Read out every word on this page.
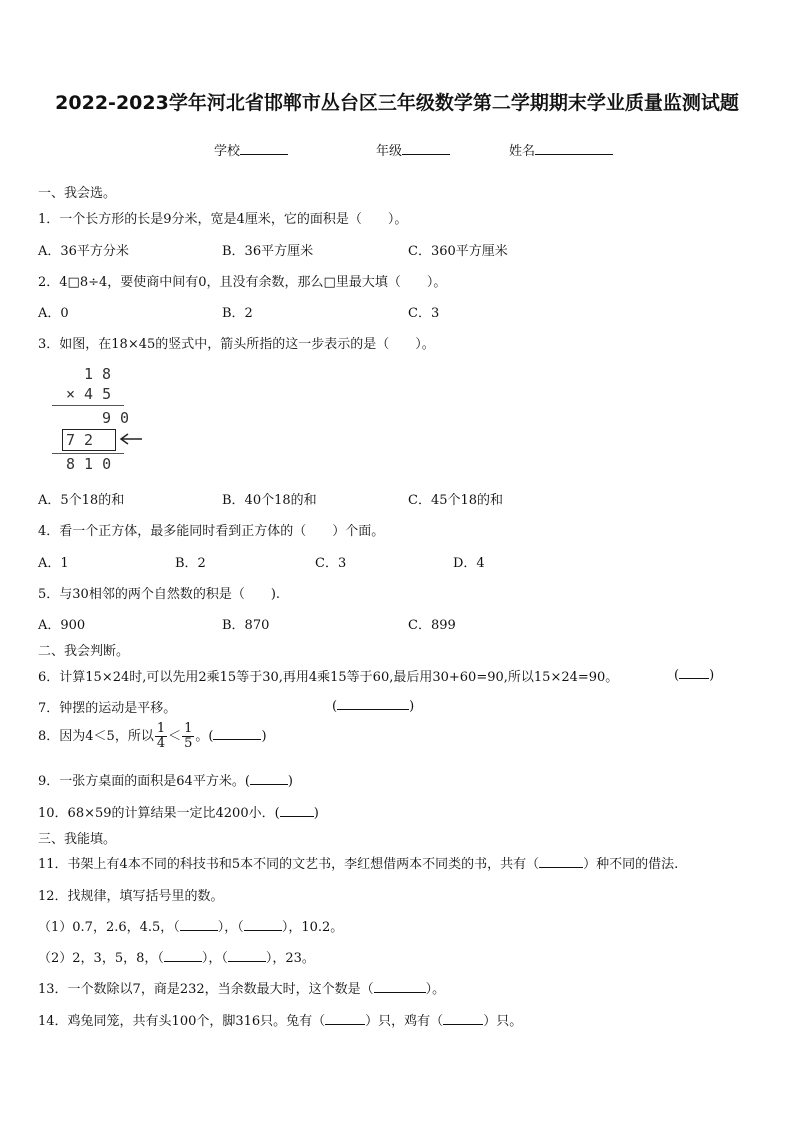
2022-2023学年河北省邯郸市丛台区三年级数学第二学期期末学业质量监测试题
学校	年级	姓名
一、我会选。
1．一个长方形的长是9分米，宽是4厘米，它的面积是（　　）。
A．36平方分米	B．36平方厘米	C．360平方厘米
2．4□8÷4，要使商中间有0，且没有余数，那么□里最大填（　　）。
A．0	B．2	C．3
3．如图，在18×45的竖式中，箭头所指的这一步表示的是（　　）。
1 8
× 4 5
9 0
7 2
8 1 0
A．5个18的和	B．40个18的和	C．45个18的和
4．看一个正方体，最多能同时看到正方体的（　　）个面。
A．1	B．2	C．3	D．4
5．与30相邻的两个自然数的积是（　　).
A．900	B．870	C．899
二、我会判断。
6．计算15×24时,可以先用2乘15等于30,再用4乘15等于60,最后用30+60=90,所以15×24=90。	( )
7．钟摆的运动是平移。	(	)
8．因为4＜5，所以 $\frac{1}{4} < \frac{1}{5}$ 。(	)
9．一张方桌面的面积是64平方米。(	)
10．68×59的计算结果一定比4200小．(	)
三、我能填。
11．书架上有4本不同的科技书和5本不同的文艺书，李红想借两本不同类的书，共有（	）种不同的借法.
12．找规律，填写括号里的数。
（1）0.7，2.6，4.5，（	），（	），10.2。
（2）2，3，5，8，（	），（	），23。
13．一个数除以7，商是232，当余数最大时，这个数是（	）。
14．鸡兔同笼，共有头100个，脚316只。兔有（	）只，鸡有（	）只。
